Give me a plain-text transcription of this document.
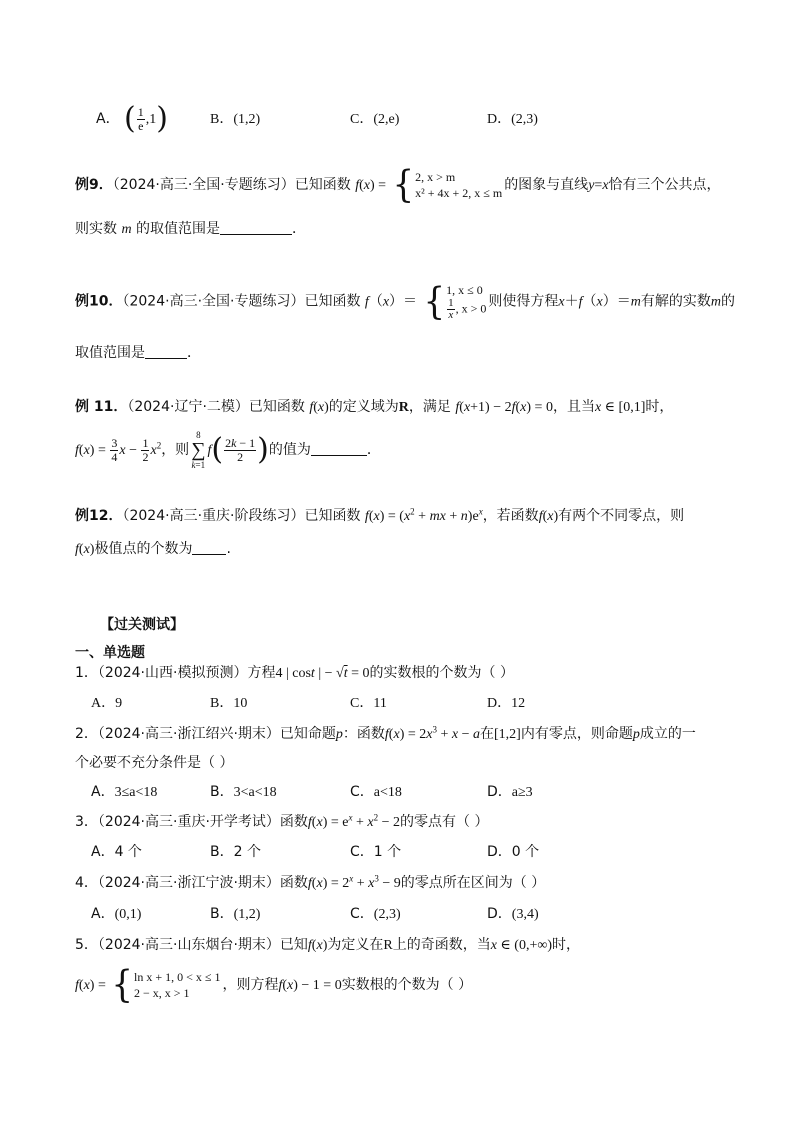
A． ( $\frac{1}{e} ,1$)	B．(1,2)	C．(2,e)	D．(2,3)
例9．（2024·高三·全国·专题练习）已知函数 f(x) = { 2, x > m
x² + 4x + 2, x ≤ m 的图象与直线y=x恰有三个公共点，
则实数 m 的取值范围是	．
例10．（2024·高三·全国·专题练习）已知函数 f（x）＝ { 1, x ≤ 0
$\frac{1}{x}$ , x > 0 则使得方程x＋f（x）＝m有解的实数m的
取值范围是	．
例 11．（2024·辽宁·二模）已知函数 f(x)的定义域为R，满足 f(x+1) − 2f(x) = 0，且当x ∈ [0,1]时，
$f(x) = \frac{3}{4}$ $x - \frac{1}{2} x^2$，则
8
∑
k=1
$f( \frac{2k - 1}{2}$ )的值为	．
例12．（2024·高三·重庆·阶段练习）已知函数 $f(x) = (x^2$ + mx + $n)e^x$，若函数f(x)有两个不同零点，则
f(x)极值点的个数为 .
【过关测试】
一、单选题
1．（2024·山西·模拟预测）方程4 | cost | − √t = 0的实数根的个数为（ ）
A．9	B．10	C．11	D．12
2．（2024·高三·浙江绍兴·期末）已知命题p：函数$f(x) = 2x^3 + x - a$在[1,2]内有零点，则命题p成立的一
个必要不充分条件是（ ）
A．3≤a<18	B．3<a<18	C．a<18	D．a≥3
3．（2024·高三·重庆·开学考试）函数$f(x) = e^x + x^2 - 2$的零点有（ ）
A．4 个	B．2 个	C．1 个	D．0 个
4．（2024·高三·浙江宁波·期末）函数$f(x) = 2^x + x^3 - 9$的零点所在区间为（ ）
A．(0,1)	B．(1,2)	C．(2,3)	D．(3,4)
5．（2024·高三·山东烟台·期末）已知f(x)为定义在R上的奇函数，当x ∈ (0,+∞)时，
f(x) = { ln x + 1, 0 < x ≤ 1
2 − x, x > 1	，则方程f(x) − 1 = 0实数根的个数为（ ）
